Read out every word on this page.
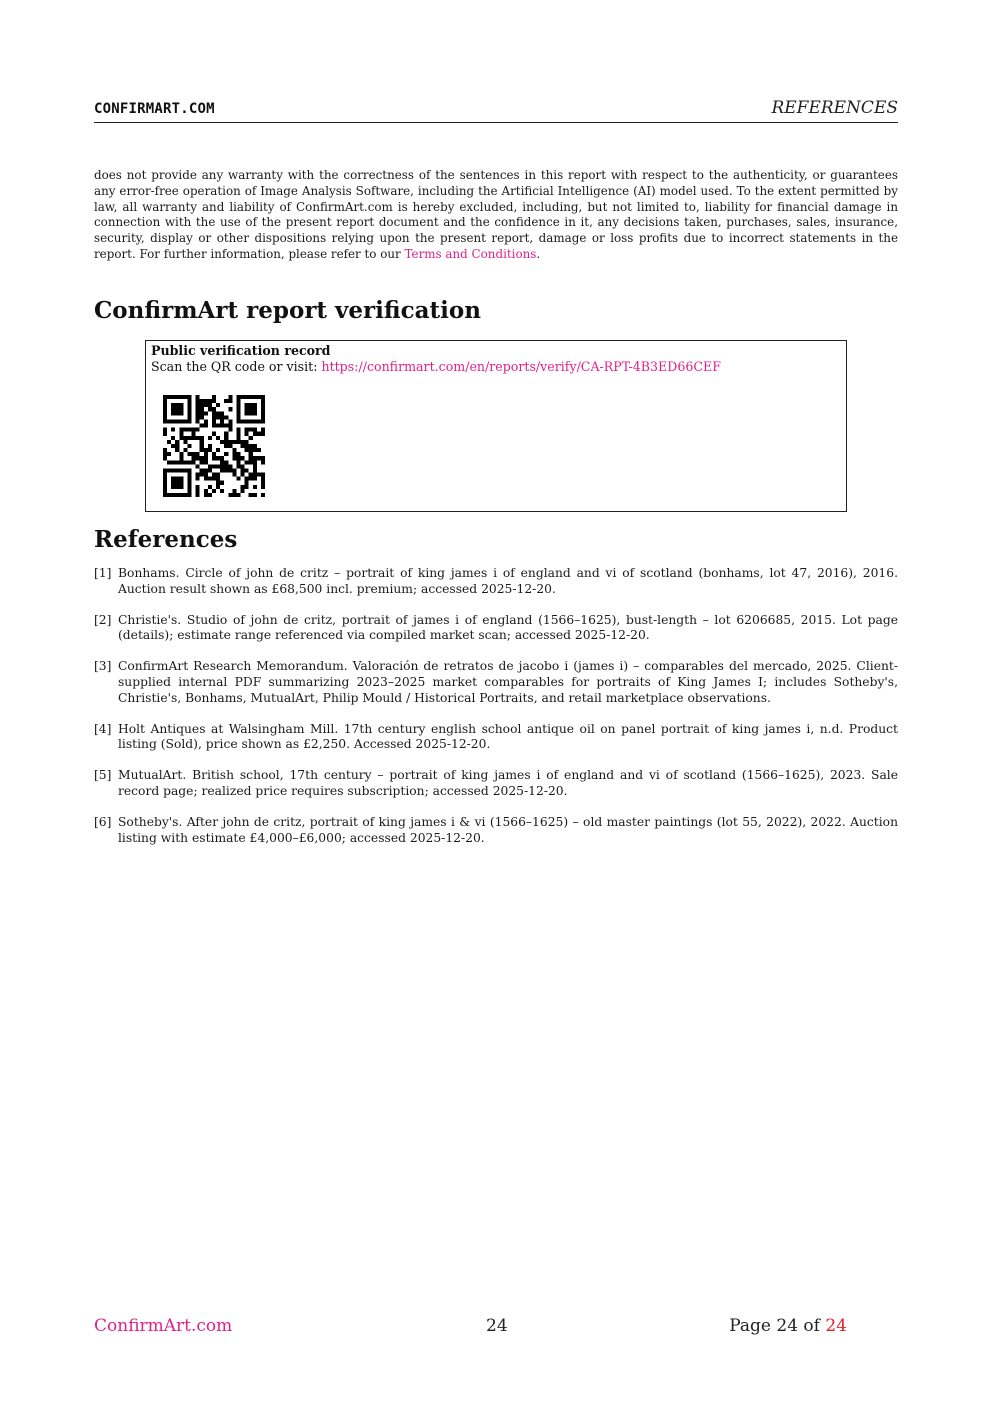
CONFIRMART.COM	REFERENCES
does not provide any warranty with the correctness of the sentences in this report with respect to the authenticity, or guarantees any error-free operation of Image Analysis Software, including the Artificial Intelligence (AI) model used. To the extent permitted by law, all warranty and liability of ConfirmArt.com is hereby excluded, including, but not limited to, liability for financial damage in connection with the use of the present report document and the confidence in it, any decisions taken, purchases, sales, insurance, security, display or other dispositions relying upon the present report, damage or loss profits due to incorrect statements in the report. For further information, please refer to our Terms and Conditions.
ConfirmArt report verification
Public verification record
Scan the QR code or visit: https://confirmart.com/en/reports/verify/CA-RPT-4B3ED66CEF
References
[1] Bonhams. Circle of john de critz – portrait of king james i of england and vi of scotland (bonhams, lot 47, 2016), 2016. Auction result shown as £68,500 incl. premium; accessed 2025-12-20.
[2] Christie's. Studio of john de critz, portrait of james i of england (1566–1625), bust-length – lot 6206685, 2015. Lot page (details); estimate range referenced via compiled market scan; accessed 2025-12-20.
[3] ConfirmArt Research Memorandum. Valoración de retratos de jacobo i (james i) – comparables del mercado, 2025. Client-supplied internal PDF summarizing 2023–2025 market comparables for portraits of King James I; includes Sotheby's, Christie's, Bonhams, MutualArt, Philip Mould / Historical Portraits, and retail marketplace observations.
[4] Holt Antiques at Walsingham Mill. 17th century english school antique oil on panel portrait of king james i, n.d. Product listing (Sold), price shown as £2,250. Accessed 2025-12-20.
[5] MutualArt. British school, 17th century – portrait of king james i of england and vi of scotland (1566–1625), 2023. Sale record page; realized price requires subscription; accessed 2025-12-20.
[6] Sotheby's. After john de critz, portrait of king james i & vi (1566–1625) – old master paintings (lot 55, 2022), 2022. Auction listing with estimate £4,000–£6,000; accessed 2025-12-20.
ConfirmArt.com	24	Page 24 of 24
